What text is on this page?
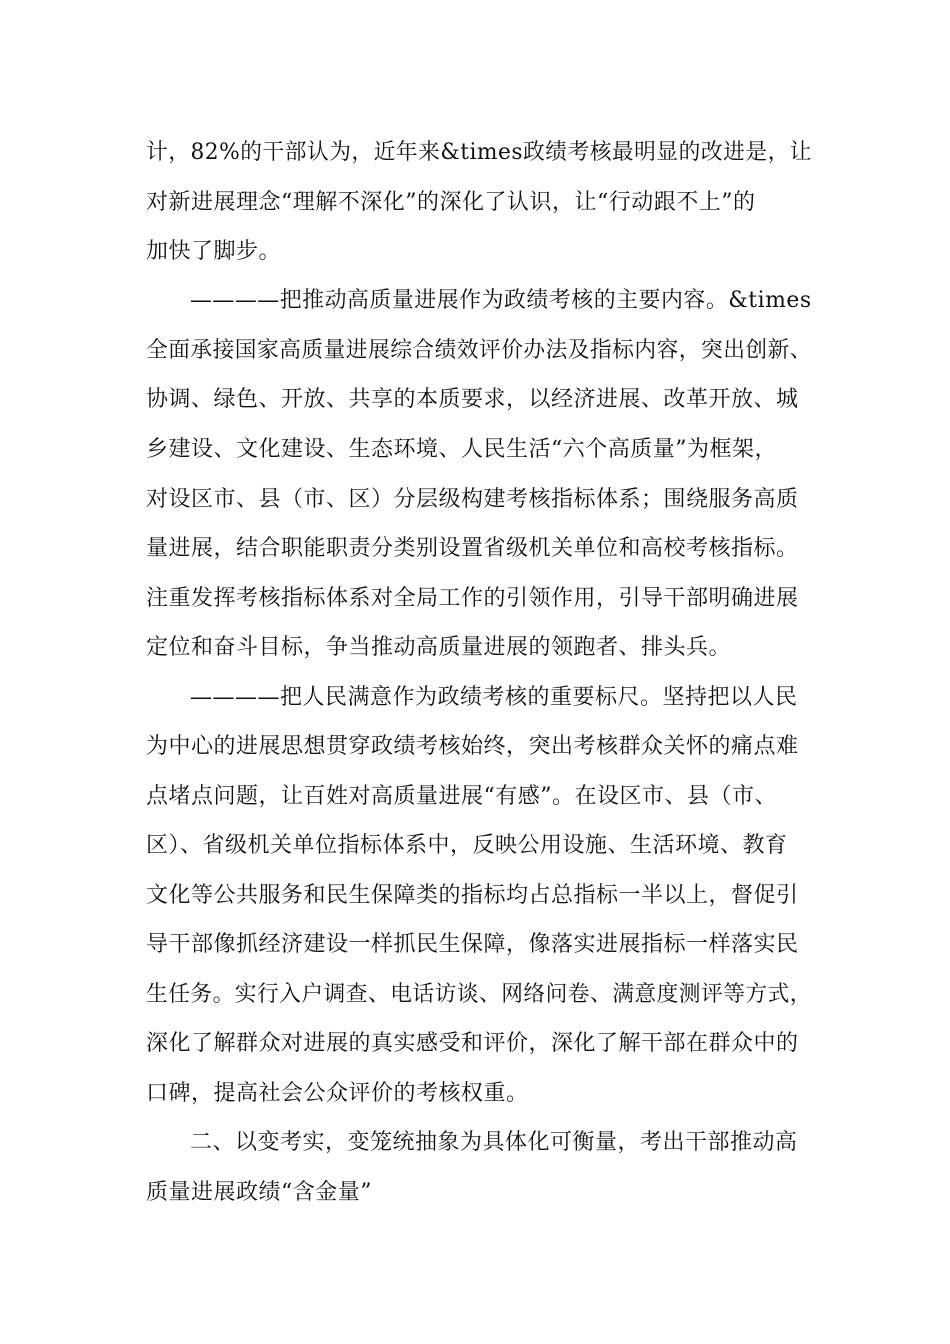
计，82%的干部认为，近年来&times政绩考核最明显的改进是，让

对新进展理念“理解不深化”的深化了认识，让“行动跟不上”的

加快了脚步。

————把推动高质量进展作为政绩考核的主要内容。&times

全面承接国家高质量进展综合绩效评价办法及指标内容，突出创新、

协调、绿色、开放、共享的本质要求，以经济进展、改革开放、城

乡建设、文化建设、生态环境、人民生活“六个高质量”为框架，

对设区市、县（市、区）分层级构建考核指标体系；围绕服务高质

量进展，结合职能职责分类别设置省级机关单位和高校考核指标。

注重发挥考核指标体系对全局工作的引领作用，引导干部明确进展

定位和奋斗目标，争当推动高质量进展的领跑者、排头兵。

————把人民满意作为政绩考核的重要标尺。坚持把以人民

为中心的进展思想贯穿政绩考核始终，突出考核群众关怀的痛点难

点堵点问题，让百姓对高质量进展“有感”。在设区市、县（市、

区）、省级机关单位指标体系中，反映公用设施、生活环境、教育

文化等公共服务和民生保障类的指标均占总指标一半以上，督促引

导干部像抓经济建设一样抓民生保障，像落实进展指标一样落实民

生任务。实行入户调查、电话访谈、网络问卷、满意度测评等方式，

深化了解群众对进展的真实感受和评价，深化了解干部在群众中的

口碑，提高社会公众评价的考核权重。

二、以变考实，变笼统抽象为具体化可衡量，考出干部推动高

质量进展政绩“含金量”
